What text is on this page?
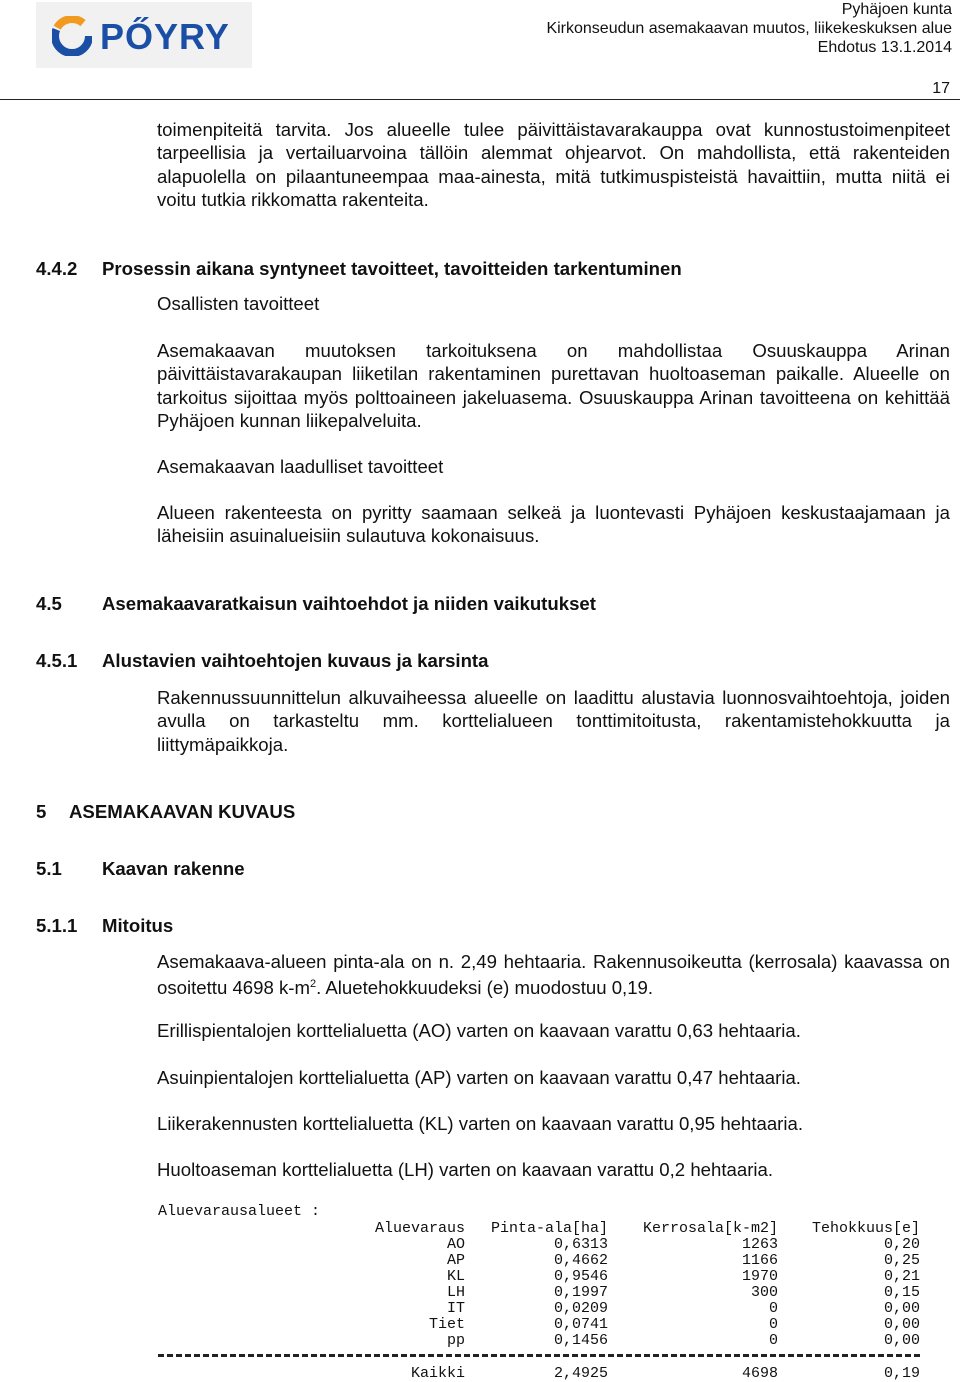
PŐYRY
Pyhäjoen kunta
Kirkonseudun asemakaavan muutos, liikekeskuksen alue
Ehdotus 13.1.2014
17

toimenpiteitä tarvita. Jos alueelle tulee päivittäistavarakauppa ovat kunnostustoimenpiteet tarpeellisia ja vertailuarvoina tällöin alemmat ohjearvot. On mahdollista, että rakenteiden alapuolella on pilaantuneempaa maa-ainesta, mitä tutkimuspisteistä havaittiin, mutta niitä ei voitu tutkia rikkomatta rakenteita.

4.4.2 Prosessin aikana syntyneet tavoitteet, tavoitteiden tarkentuminen
Osallisten tavoitteet

Asemakaavan muutoksen tarkoituksena on mahdollistaa Osuuskauppa Arinan päivittäistavarakaupan liiketilan rakentaminen purettavan huoltoaseman paikalle. Alueelle on tarkoitus sijoittaa myös polttoaineen jakeluasema. Osuuskauppa Arinan tavoitteena on kehittää Pyhäjoen kunnan liikepalveluita.

Asemakaavan laadulliset tavoitteet

Alueen rakenteesta on pyritty saamaan selkeä ja luontevasti Pyhäjoen keskustaajamaan ja läheisiin asuinalueisiin sulautuva kokonaisuus.

4.5 Asemakaavaratkaisun vaihtoehdot ja niiden vaikutukset
4.5.1 Alustavien vaihtoehtojen kuvaus ja karsinta

Rakennussuunnittelun alkuvaiheessa alueelle on laadittu alustavia luonnosvaihtoehtoja, joiden avulla on tarkasteltu mm. korttelialueen tonttimitoitusta, rakentamistehokkuutta ja liittymäpaikkoja.

5 ASEMAKAAVAN KUVAUS
5.1 Kaavan rakenne
5.1.1 Mitoitus

Asemakaava-alueen pinta-ala on n. 2,49 hehtaaria. Rakennusoikeutta (kerrosala) kaavassa on osoitettu 4698 $k-m^2$. Aluetehokkuudeksi (e) muodostuu 0,19.

Erillispientalojen korttelialuetta (AO) varten on kaavaan varattu 0,63 hehtaaria.

Asuinpientalojen korttelialuetta (AP) varten on kaavaan varattu 0,47 hehtaaria.

Liikerakennusten korttelialuetta (KL) varten on kaavaan varattu 0,95 hehtaaria.

Huoltoaseman korttelialuetta (LH) varten on kaavaan varattu 0,2 hehtaaria.

Aluevarausalueet :
Aluevaraus Pinta-ala[ha] Kerrosala[k-m2] Tehokkuus[e]
AO	0,6313	1263	0,20
AP	0,4662	1166	0,25
KL	0,9546	1970	0,21
LH	0,1997	300	0,15
IT	0,0209	0	0,00
Tiet	0,0741	0	0,00
pp	0,1456	0	0,00
Kaikki	2,4925	4698	0,19
